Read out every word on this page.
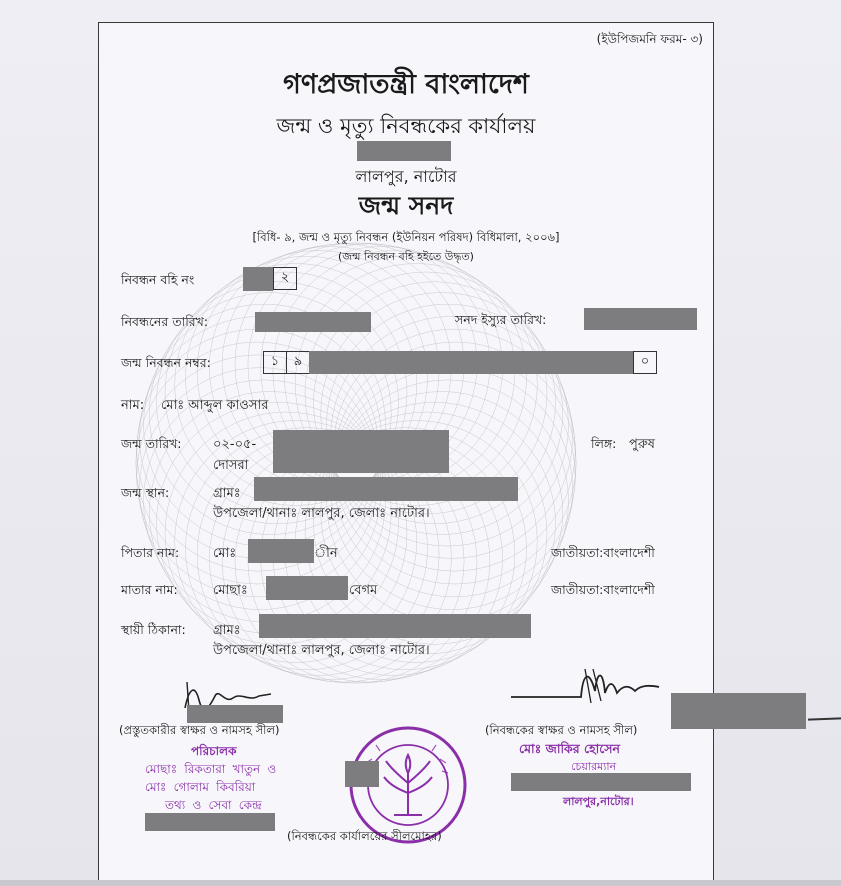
(ইউপিজমনি ফরম- ৩)
গণপ্রজাতন্ত্রী বাংলাদেশ
জন্ম ও মৃত্যু নিবন্ধকের কার্যালয়
লালপুর, নাটোর
জন্ম সনদ
[বিধি- ৯, জন্ম ও মৃত্যু নিবন্ধন (ইউনিয়ন পরিষদ) বিধিমালা, ২০০৬]
(জন্ম নিবন্ধন বহি হইতে উদ্ধৃত)
নিবন্ধন বহি নং	২
নিবন্ধনের তারিখ:	সনদ ইস্যুর তারিখ:
জন্ম নিবন্ধন নম্বর:	১	৯	০
নাম: মোঃ আব্দুল কাওসার
জন্ম তারিখ: ০২-০৫-
দোসরা
লিঙ্গ: পুরুষ
জন্ম স্থান:	গ্রামঃ
উপজেলা/থানাঃ লালপুর, জেলাঃ নাটোর।
পিতার নাম:	মোঃ	ীন	জাতীয়তা:বাংলাদেশী
মাতার নাম:	মোছাঃ	বেগম	জাতীয়তা:বাংলাদেশী
স্থায়ী ঠিকানা: গ্রামঃ
উপজেলা/থানাঃ লালপুর, জেলাঃ নাটোর।
(প্রস্তুতকারীর স্বাক্ষর ও নামসহ সীল)	(নিবন্ধকের স্বাক্ষর ও নামসহ সীল)
পরিচালক
মোছাঃ রিকতারা খাতুন ও
মোঃ গোলাম কিবরিয়া
তথ্য ও সেবা কেন্দ্র
মোঃ জাকির হোসেন
চেয়ারম্যান
লালপুর,নাটোর।
(নিবন্ধকের কার্যালয়ের সীলমোহর)
